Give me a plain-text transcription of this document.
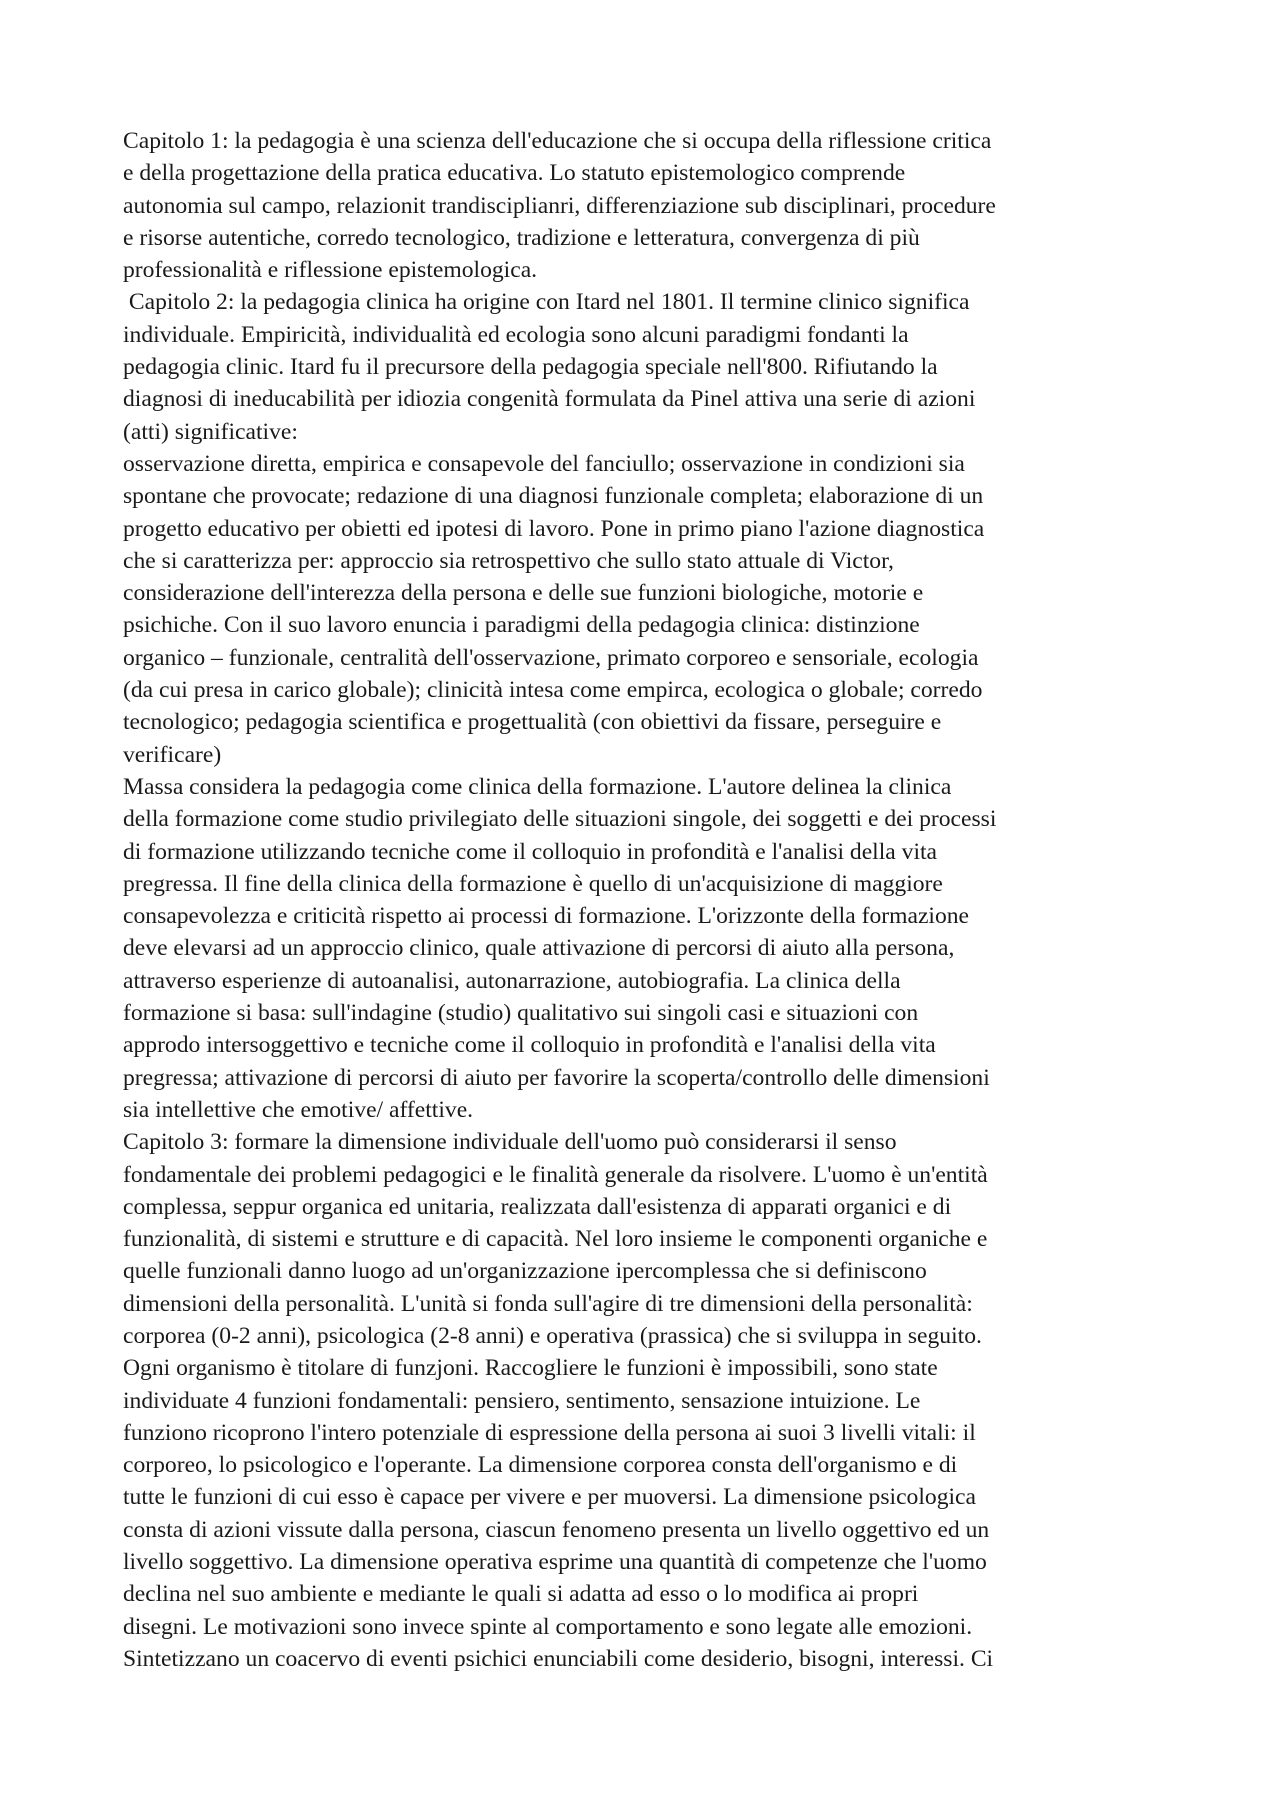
Capitolo 1: la pedagogia è una scienza dell'educazione che si occupa della riflessione critica
e della progettazione della pratica educativa. Lo statuto epistemologico comprende
autonomia sul campo, relazionit trandisciplianri, differenziazione sub disciplinari, procedure
e risorse autentiche, corredo tecnologico, tradizione e letteratura, convergenza di più
professionalità e riflessione epistemologica.
Capitolo 2: la pedagogia clinica ha origine con Itard nel 1801. Il termine clinico significa
individuale. Empiricità, individualità ed ecologia sono alcuni paradigmi fondanti la
pedagogia clinic. Itard fu il precursore della pedagogia speciale nell'800. Rifiutando la
diagnosi di ineducabilità per idiozia congenità formulata da Pinel attiva una serie di azioni
(atti) significative:
osservazione diretta, empirica e consapevole del fanciullo; osservazione in condizioni sia
spontane che provocate; redazione di una diagnosi funzionale completa; elaborazione di un
progetto educativo per obietti ed ipotesi di lavoro. Pone in primo piano l'azione diagnostica
che si caratterizza per: approccio sia retrospettivo che sullo stato attuale di Victor,
considerazione dell'interezza della persona e delle sue funzioni biologiche, motorie e
psichiche. Con il suo lavoro enuncia i paradigmi della pedagogia clinica: distinzione
organico – funzionale, centralità dell'osservazione, primato corporeo e sensoriale, ecologia
(da cui presa in carico globale); clinicità intesa come empirca, ecologica o globale; corredo
tecnologico; pedagogia scientifica e progettualità (con obiettivi da fissare, perseguire e
verificare)
Massa considera la pedagogia come clinica della formazione. L'autore delinea la clinica
della formazione come studio privilegiato delle situazioni singole, dei soggetti e dei processi
di formazione utilizzando tecniche come il colloquio in profondità e l'analisi della vita
pregressa. Il fine della clinica della formazione è quello di un'acquisizione di maggiore
consapevolezza e criticità rispetto ai processi di formazione. L'orizzonte della formazione
deve elevarsi ad un approccio clinico, quale attivazione di percorsi di aiuto alla persona,
attraverso esperienze di autoanalisi, autonarrazione, autobiografia. La clinica della
formazione si basa: sull'indagine (studio) qualitativo sui singoli casi e situazioni con
approdo intersoggettivo e tecniche come il colloquio in profondità e l'analisi della vita
pregressa; attivazione di percorsi di aiuto per favorire la scoperta/controllo delle dimensioni
sia intellettive che emotive/ affettive.
Capitolo 3: formare la dimensione individuale dell'uomo può considerarsi il senso
fondamentale dei problemi pedagogici e le finalità generale da risolvere. L'uomo è un'entità
complessa, seppur organica ed unitaria, realizzata dall'esistenza di apparati organici e di
funzionalità, di sistemi e strutture e di capacità. Nel loro insieme le componenti organiche e
quelle funzionali danno luogo ad un'organizzazione ipercomplessa che si definiscono
dimensioni della personalità. L'unità si fonda sull'agire di tre dimensioni della personalità:
corporea (0-2 anni), psicologica (2-8 anni) e operativa (prassica) che si sviluppa in seguito.
Ogni organismo è titolare di funzjoni. Raccogliere le funzioni è impossibili, sono state
individuate 4 funzioni fondamentali: pensiero, sentimento, sensazione intuizione. Le
funziono ricoprono l'intero potenziale di espressione della persona ai suoi 3 livelli vitali: il
corporeo, lo psicologico e l'operante. La dimensione corporea consta dell'organismo e di
tutte le funzioni di cui esso è capace per vivere e per muoversi. La dimensione psicologica
consta di azioni vissute dalla persona, ciascun fenomeno presenta un livello oggettivo ed un
livello soggettivo. La dimensione operativa esprime una quantità di competenze che l'uomo
declina nel suo ambiente e mediante le quali si adatta ad esso o lo modifica ai propri
disegni. Le motivazioni sono invece spinte al comportamento e sono legate alle emozioni.
Sintetizzano un coacervo di eventi psichici enunciabili come desiderio, bisogni, interessi. Ci
